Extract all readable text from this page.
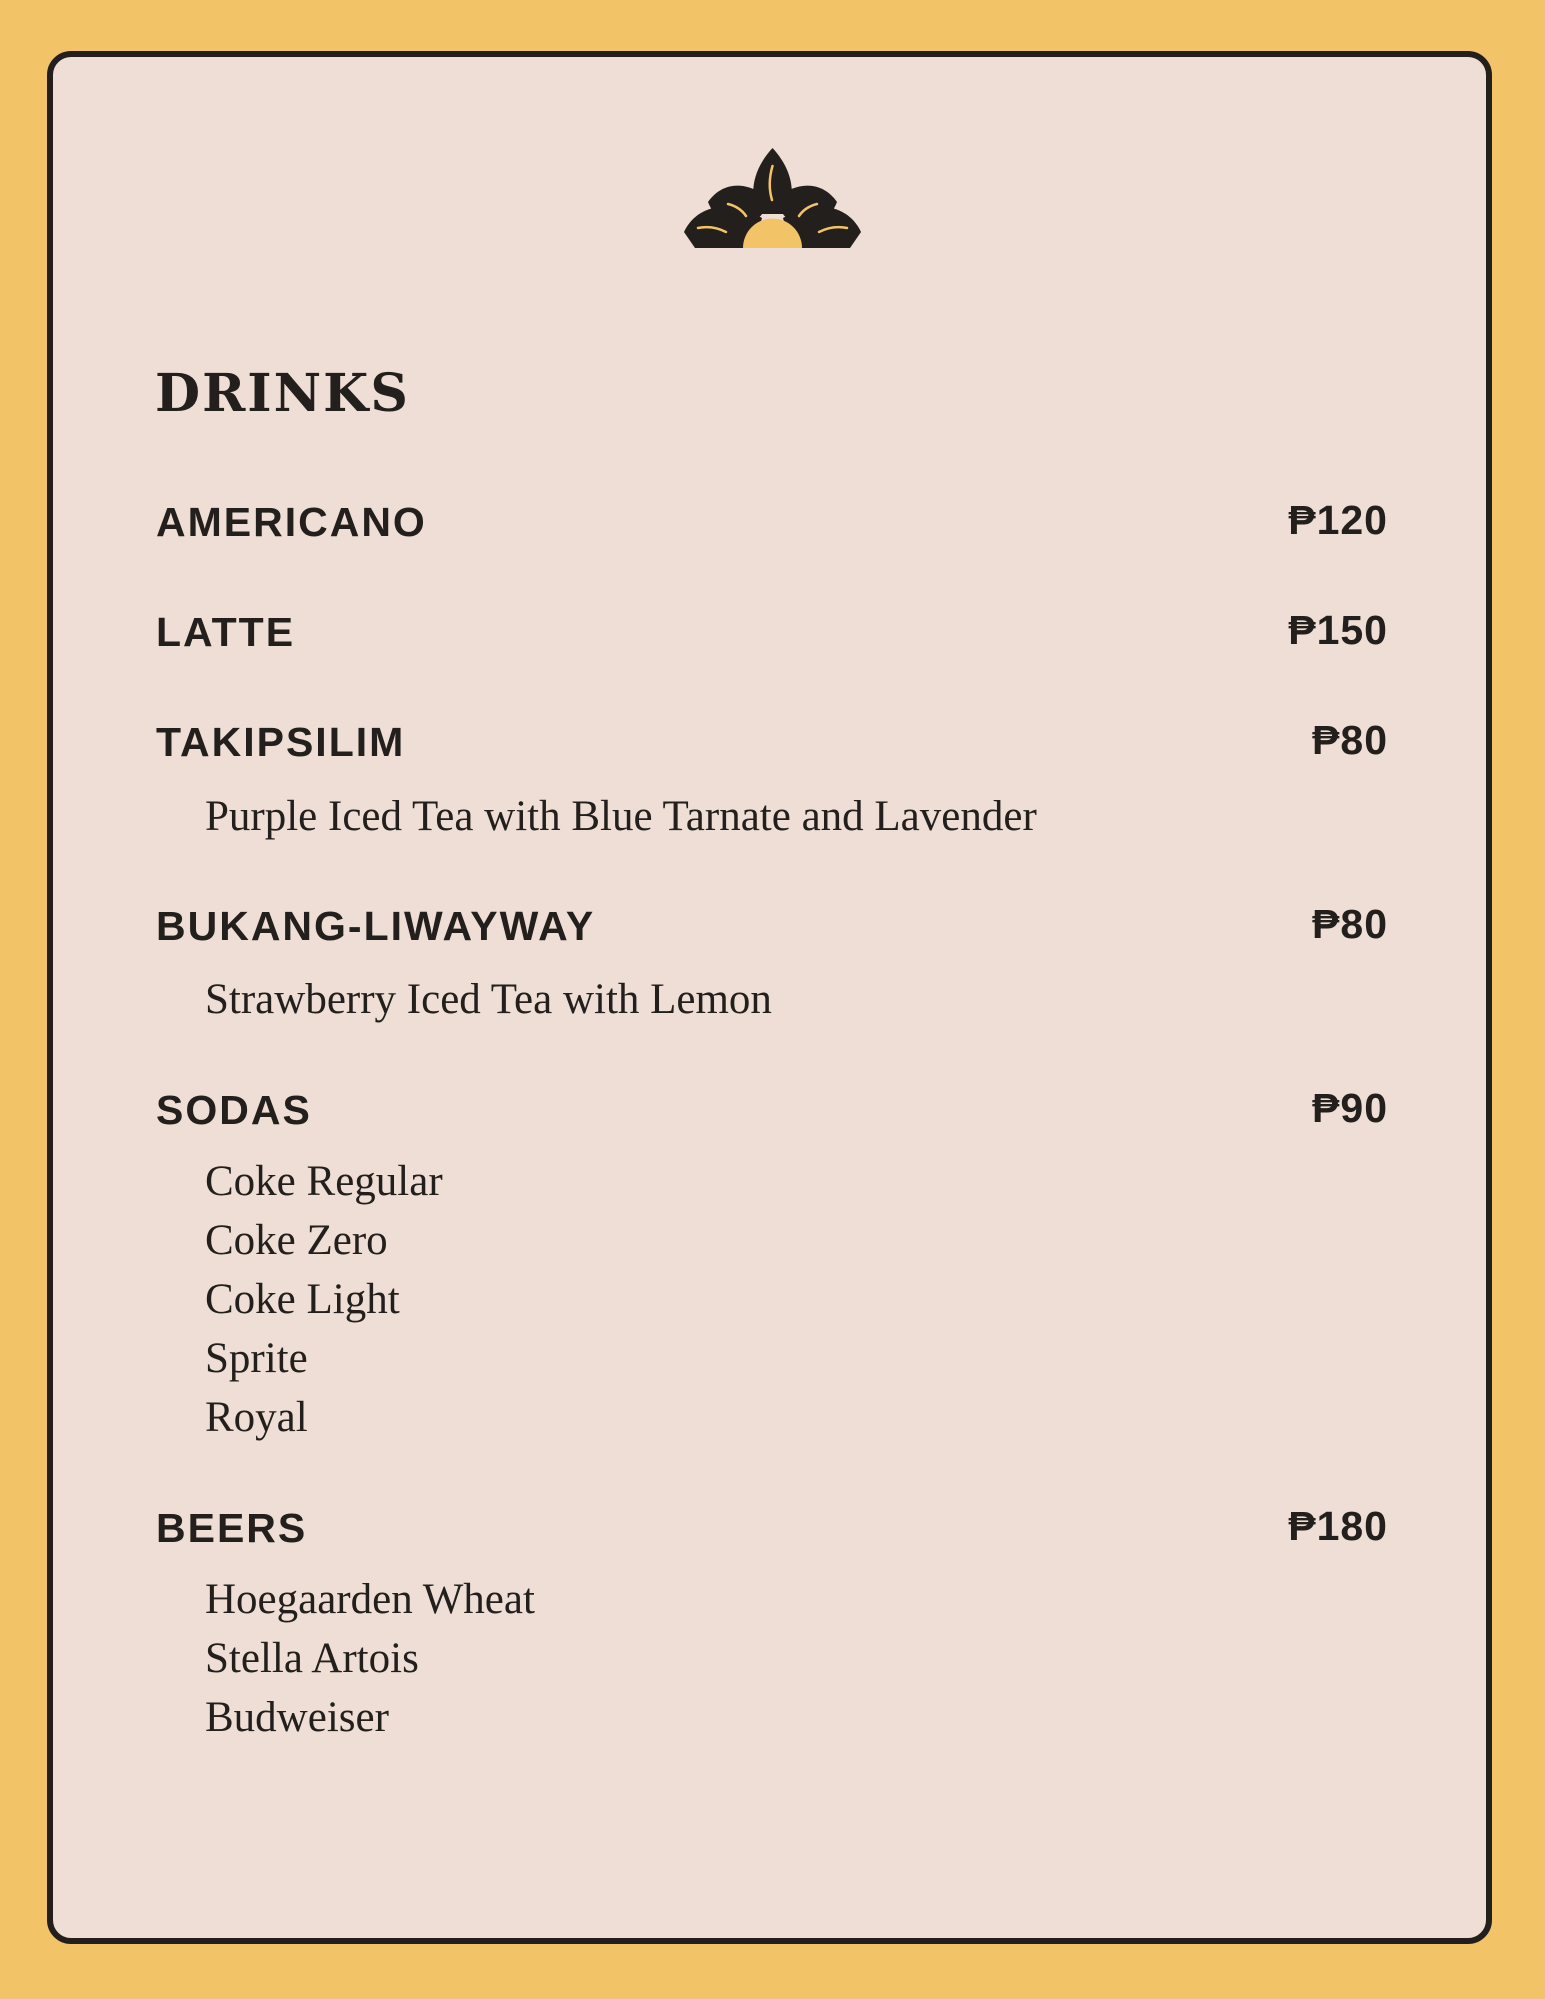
DRINKS
AMERICANO	₱120
LATTE	₱150
TAKIPSILIM	₱80
Purple Iced Tea with Blue Tarnate and Lavender
BUKANG-LIWAYWAY	₱80
Strawberry Iced Tea with Lemon
SODAS	₱90
Coke Regular
Coke Zero
Coke Light
Sprite
Royal
BEERS	₱180
Hoegaarden Wheat
Stella Artois
Budweiser
